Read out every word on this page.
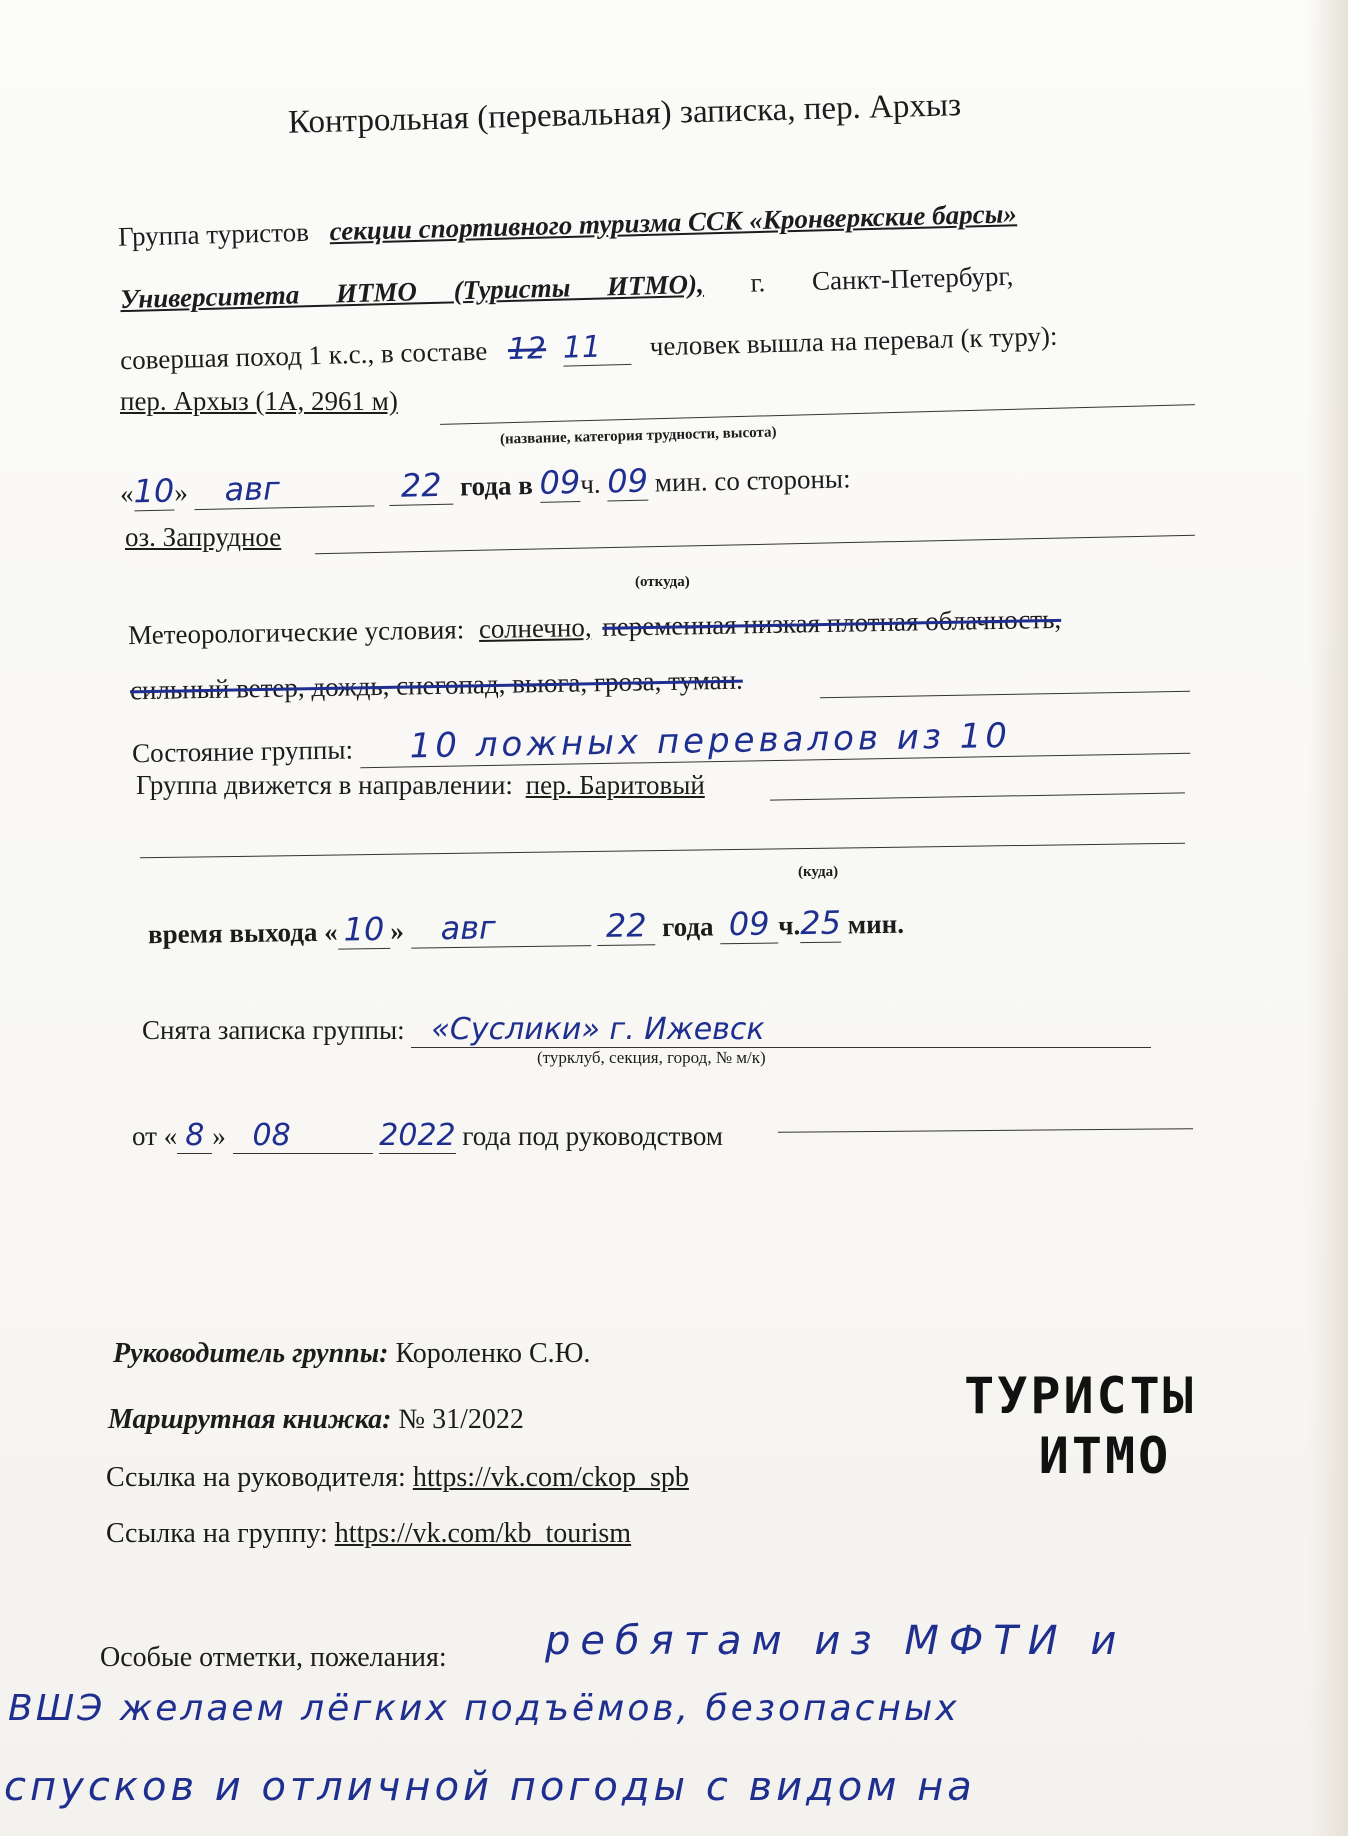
Контрольная (перевальная) записка, пер. Архыз
Группа туристов секции спортивного туризма ССК «Кронверкские барсы»
Университета ИТМО (Туристы ИТМО), г. Санкт-Петербург,
совершая поход 1 к.с., в составе 12 11 человек вышла на перевал (к туру):
пер. Архыз (1А, 2961 м)
(название, категория трудности, высота)
«10» авг	22 года в 09ч. 09 мин. со стороны:
оз. Запрудное
(откуда)
Метеорологические условия: солнечно, переменная низкая плотная облачность,
сильный ветер, дождь, снегопад, вьюга, гроза, туман.
Состояние группы: 10 ложных перевалов из 10
Группа движется в направлении: пер. Баритовый
(куда)
время выхода « 10 » авг	22 года 09 ч.25 мин.
Снята записка группы: «Суслики» г. Ижевск
(турклуб, секция, город, № м/к)
от « 8 » 08	2022 года под руководством
Руководитель группы: Короленко С.Ю.
Маршрутная книжка: № 31/2022
Ссылка на руководителя: https://vk.com/ckop_spb
Ссылка на группу: https://vk.com/kb_tourism
ТУРИСТЫ
ИТМО
Особые отметки, пожелания: ребятам из МФТИ и
ВШЭ желаем лёгких подъёмов, безопасных
спусков и отличной погоды с видом на
